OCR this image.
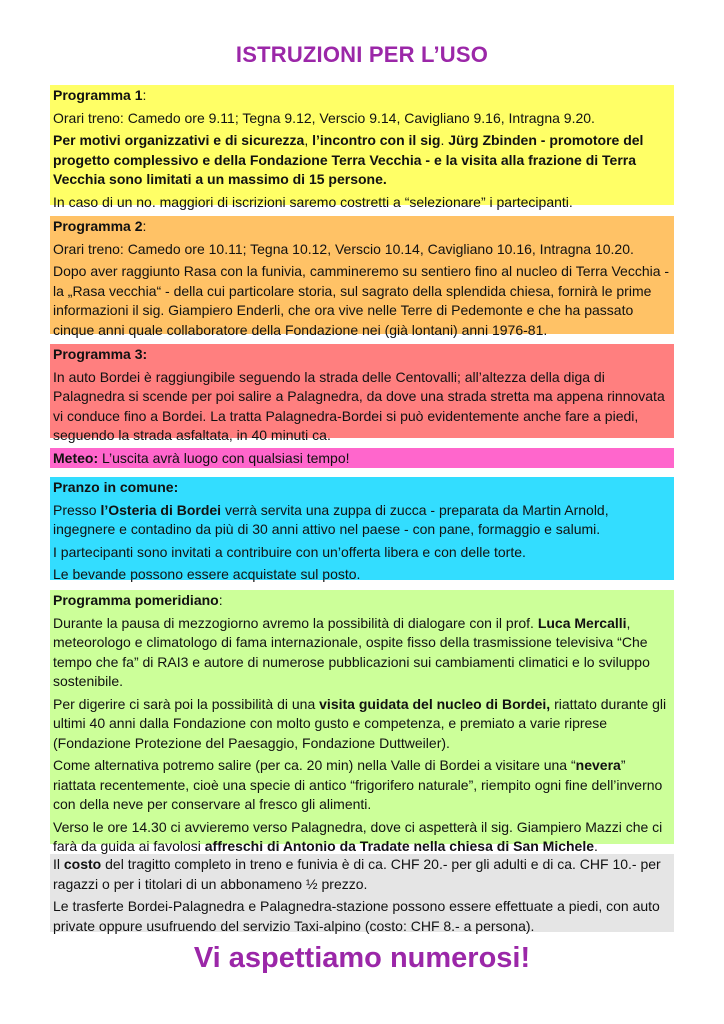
ISTRUZIONI PER L’USO

Programma 1:

Orari treno: Camedo ore 9.11; Tegna 9.12, Verscio 9.14, Cavigliano 9.16, Intragna 9.20.

Per motivi organizzativi e di sicurezza, l’incontro con il sig. Jürg Zbinden - promotore del progetto complessivo e della Fondazione Terra Vecchia - e la visita alla frazione di Terra Vecchia sono limitati a un massimo di 15 persone.

In caso di un no. maggiori di iscrizioni saremo costretti a “selezionare” i partecipanti.

Programma 2:

Orari treno: Camedo ore 10.11; Tegna 10.12, Verscio 10.14, Cavigliano 10.16, Intragna 10.20.

Dopo aver raggiunto Rasa con la funivia, cammineremo su sentiero fino al nucleo di Terra Vecchia - la „Rasa vecchia“ - della cui particolare storia, sul sagrato della splendida chiesa, fornirà le prime informazioni il sig. Giampiero Enderli, che ora vive nelle Terre di Pedemonte e che ha passato cinque anni quale collaboratore della Fondazione nei (già lontani) anni 1976-81.

Programma 3:

In auto Bordei è raggiungibile seguendo la strada delle Centovalli; all’altezza della diga di Palagnedra si scende per poi salire a Palagnedra, da dove una strada stretta ma appena rinnovata vi conduce fino a Bordei. La tratta Palagnedra-Bordei si può evidentemente anche fare a piedi, seguendo la strada asfaltata, in 40 minuti ca.

Meteo: L’uscita avrà luogo con qualsiasi tempo!

Pranzo in comune:

Presso l’Osteria di Bordei verrà servita una zuppa di zucca - preparata da Martin Arnold, ingegnere e contadino da più di 30 anni attivo nel paese - con pane, formaggio e salumi.

I partecipanti sono invitati a contribuire con un’offerta libera e con delle torte.

Le bevande possono essere acquistate sul posto.

Programma pomeridiano:

Durante la pausa di mezzogiorno avremo la possibilità di dialogare con il prof. Luca Mercalli, meteorologo e climatologo di fama internazionale, ospite fisso della trasmissione televisiva “Che tempo che fa” di RAI3 e autore di numerose pubblicazioni sui cambiamenti climatici e lo sviluppo sostenibile.

Per digerire ci sarà poi la possibilità di una visita guidata del nucleo di Bordei, riattato durante gli ultimi 40 anni dalla Fondazione con molto gusto e competenza, e premiato a varie riprese (Fondazione Protezione del Paesaggio, Fondazione Duttweiler).

Come alternativa potremo salire (per ca. 20 min) nella Valle di Bordei a visitare una “nevera” riattata recentemente, cioè una specie di antico “frigorifero naturale”, riempito ogni fine dell’inverno con della neve per conservare al fresco gli alimenti.

Verso le ore 14.30 ci avvieremo verso Palagnedra, dove ci aspetterà il sig. Giampiero Mazzi che ci farà da guida ai favolosi affreschi di Antonio da Tradate nella chiesa di San Michele.

Il costo del tragitto completo in treno e funivia è di ca. CHF 20.- per gli adulti e di ca. CHF 10.- per ragazzi o per i titolari di un abbonameno ½ prezzo.

Le trasferte Bordei-Palagnedra e Palagnedra-stazione possono essere effettuate a piedi, con auto private oppure usufruendo del servizio Taxi-alpino (costo: CHF 8.- a persona).

Vi aspettiamo numerosi!
